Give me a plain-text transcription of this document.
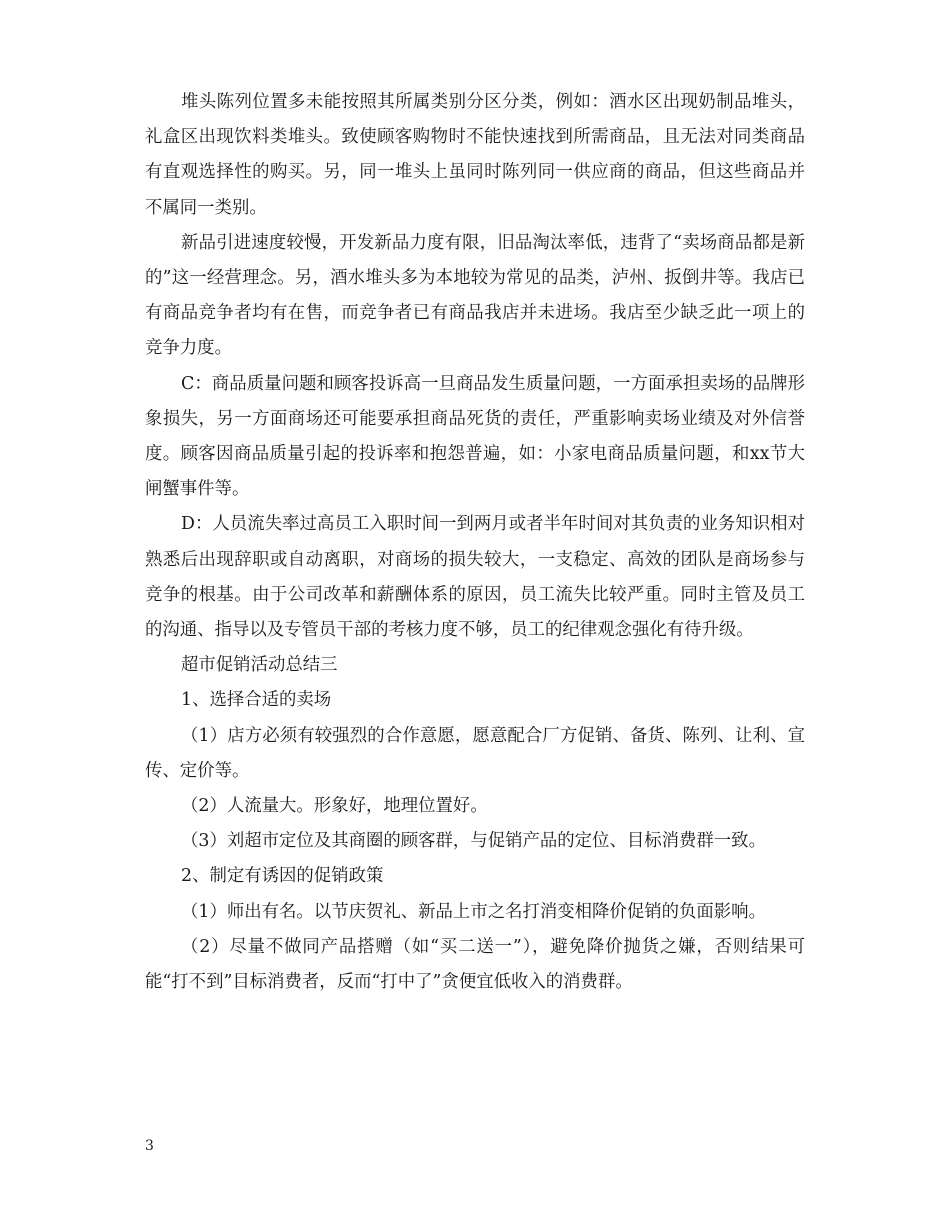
堆头陈列位置多未能按照其所属类别分区分类，例如：酒水区出现奶制品堆头，礼盒区出现饮料类堆头。致使顾客购物时不能快速找到所需商品，且无法对同类商品有直观选择性的购买。另，同一堆头上虽同时陈列同一供应商的商品，但这些商品并不属同一类别。

新品引进速度较慢，开发新品力度有限，旧品淘汰率低，违背了“卖场商品都是新的”这一经营理念。另，酒水堆头多为本地较为常见的品类，泸州、扳倒井等。我店已有商品竞争者均有在售，而竞争者已有商品我店并未进场。我店至少缺乏此一项上的竞争力度。

C：商品质量问题和顾客投诉高一旦商品发生质量问题，一方面承担卖场的品牌形象损失，另一方面商场还可能要承担商品死货的责任，严重影响卖场业绩及对外信誉度。顾客因商品质量引起的投诉率和抱怨普遍，如：小家电商品质量问题，和xx节大闸蟹事件等。

D：人员流失率过高员工入职时间一到两月或者半年时间对其负责的业务知识相对熟悉后出现辞职或自动离职，对商场的损失较大，一支稳定、高效的团队是商场参与竞争的根基。由于公司改革和薪酬体系的原因，员工流失比较严重。同时主管及员工的沟通、指导以及专管员干部的考核力度不够，员工的纪律观念强化有待升级。

超市促销活动总结三

1、选择合适的卖场

（1）店方必须有较强烈的合作意愿，愿意配合厂方促销、备货、陈列、让利、宣传、定价等。

（2）人流量大。形象好，地理位置好。

（3）刘超市定位及其商圈的顾客群，与促销产品的定位、目标消费群一致。

2、制定有诱因的促销政策

（1）师出有名。以节庆贺礼、新品上市之名打消变相降价促销的负面影响。

（2）尽量不做同产品搭赠（如“买二送一”），避免降价抛货之嫌，否则结果可能“打不到”目标消费者，反而“打中了”贪便宜低收入的消费群。

3
